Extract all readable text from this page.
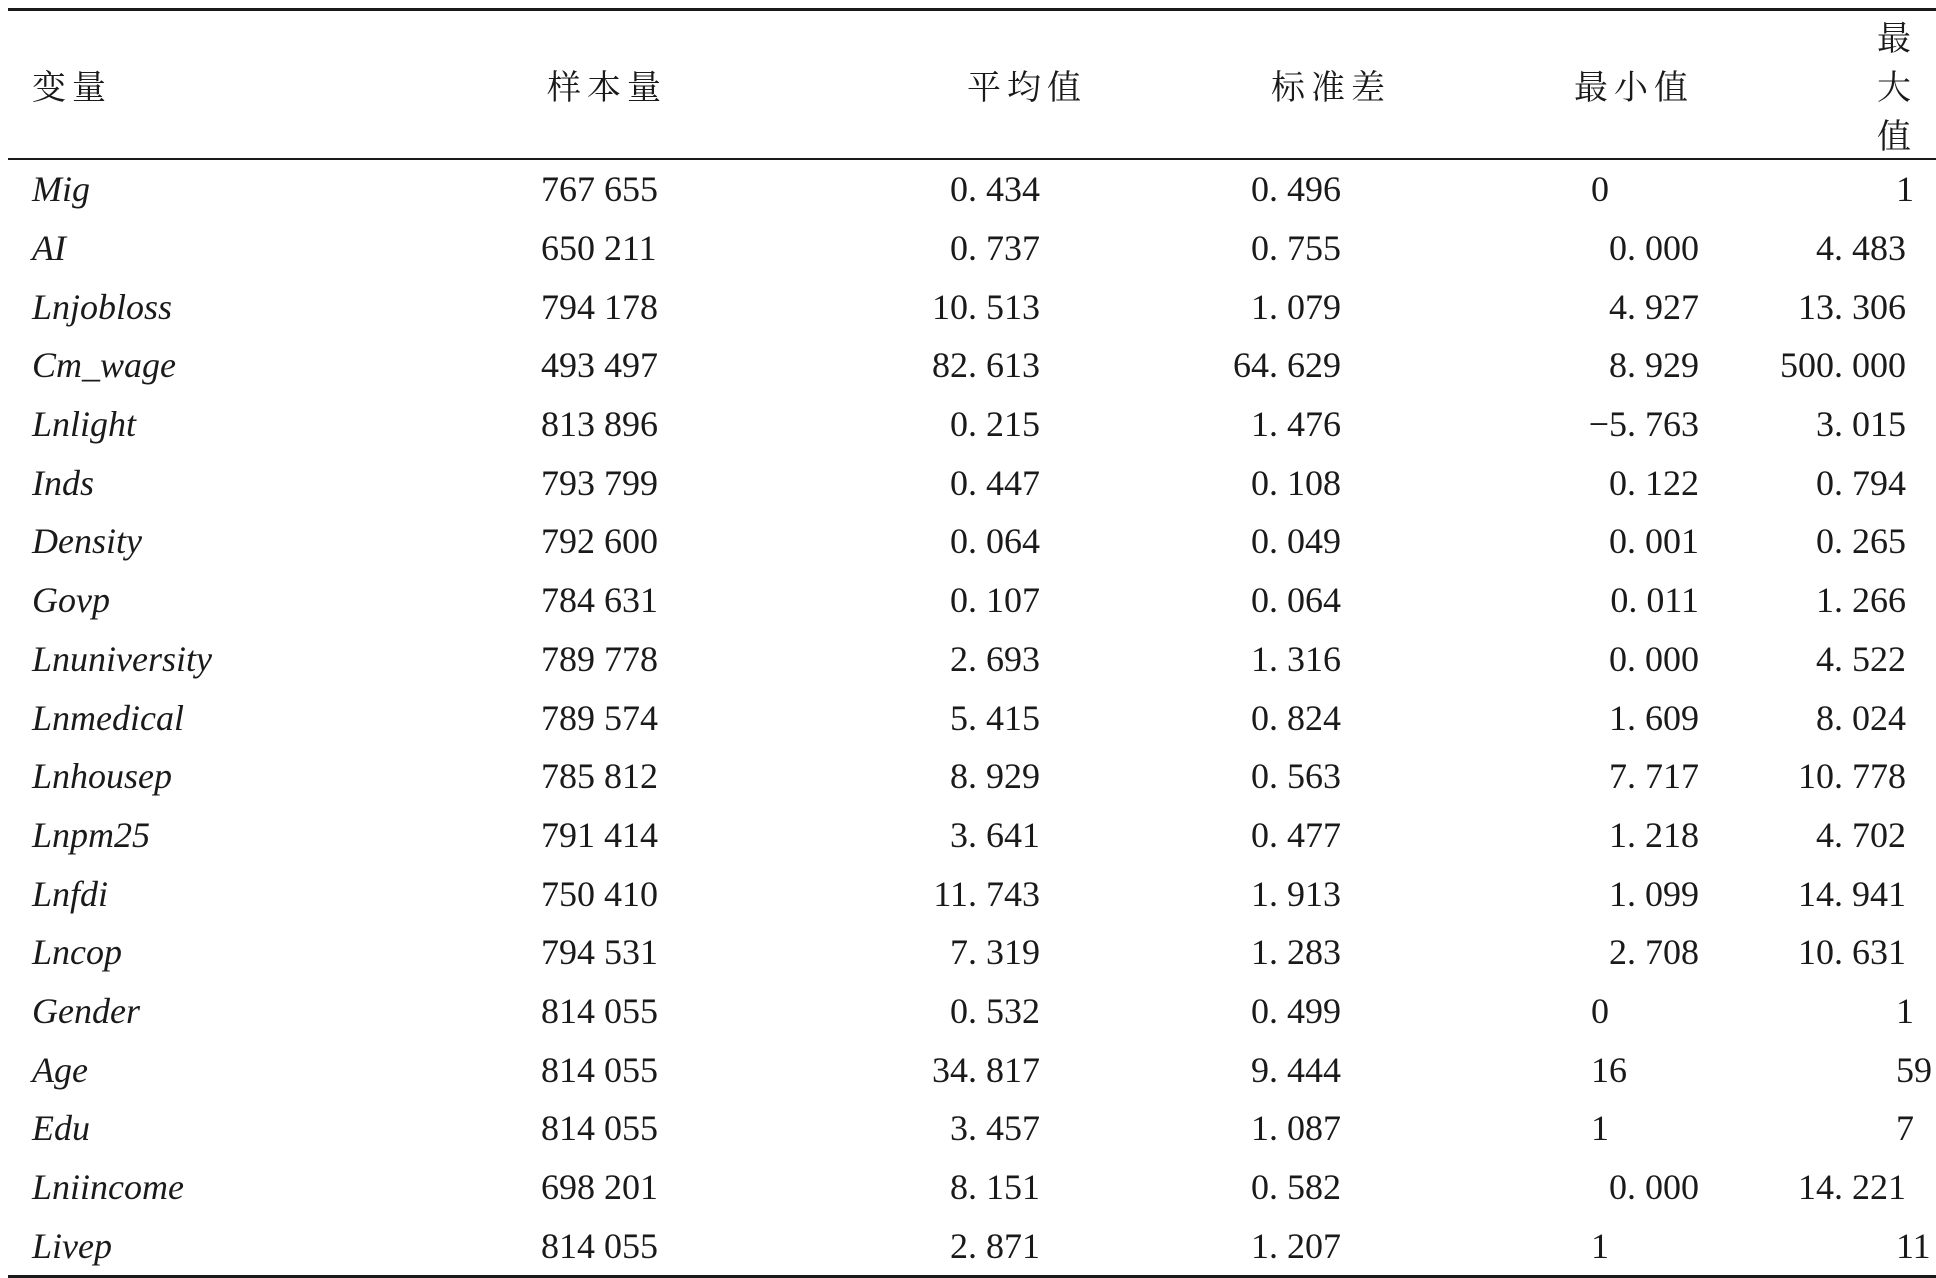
变量	样本量	平均值	标准差	最小值	最大值
Mig	767 655	0. 434	0. 496	0	1
AI	650 211	0. 737	0. 755	0. 000	4. 483
Lnjobloss	794 178	10. 513	1. 079	4. 927	13. 306
Cm_wage	493 497	82. 613	64. 629	8. 929	500. 000
Lnlight	813 896	0. 215	1. 476	−5. 763	3. 015
Inds	793 799	0. 447	0. 108	0. 122	0. 794
Density	792 600	0. 064	0. 049	0. 001	0. 265
Govp	784 631	0. 107	0. 064	0. 011	1. 266
Lnuniversity	789 778	2. 693	1. 316	0. 000	4. 522
Lnmedical	789 574	5. 415	0. 824	1. 609	8. 024
Lnhousep	785 812	8. 929	0. 563	7. 717	10. 778
Lnpm25	791 414	3. 641	0. 477	1. 218	4. 702
Lnfdi	750 410	11. 743	1. 913	1. 099	14. 941
Lncop	794 531	7. 319	1. 283	2. 708	10. 631
Gender	814 055	0. 532	0. 499	0	1
Age	814 055	34. 817	9. 444	16	59
Edu	814 055	3. 457	1. 087	1	7
Lniincome	698 201	8. 151	0. 582	0. 000	14. 221
Livep	814 055	2. 871	1. 207	1	11
